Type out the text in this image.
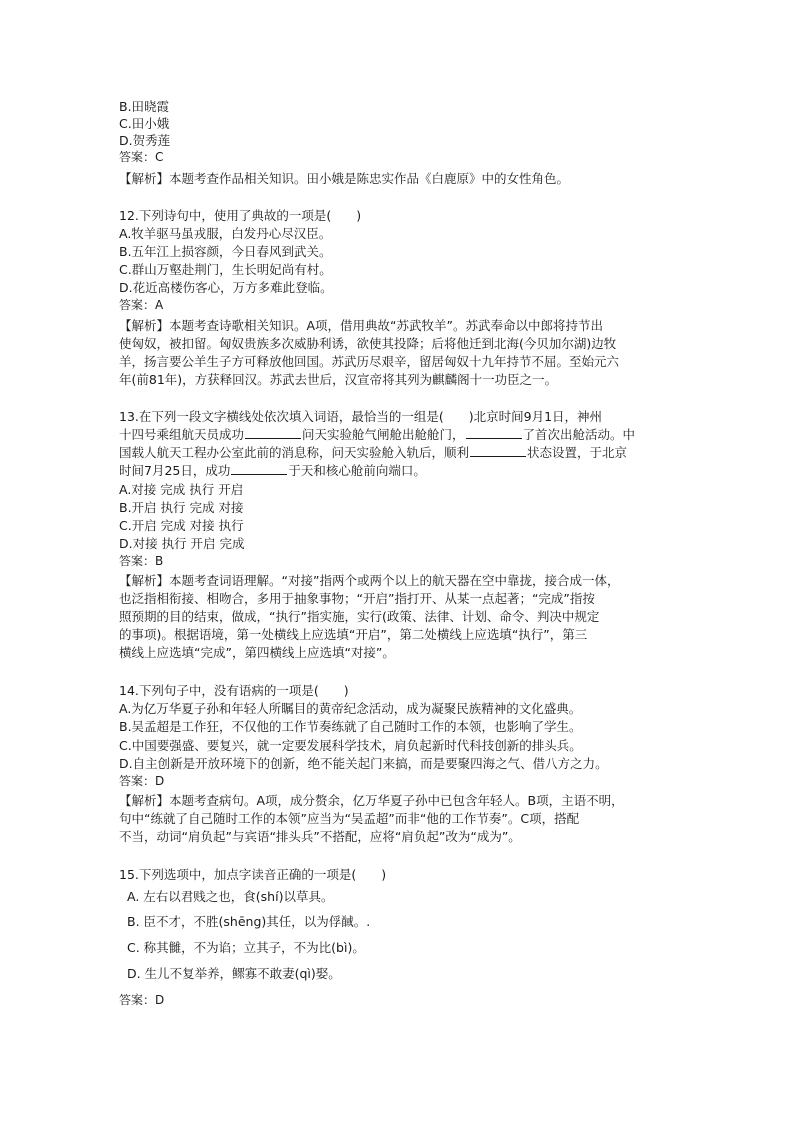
B.田晓霞
C.田小娥
D.贺秀莲
答案：C
【解析】本题考查作品相关知识。田小娥是陈忠实作品《白鹿原》中的女性角色。
12.下列诗句中，使用了典故的一项是(　　)
A.牧羊驱马虽戎服，白发丹心尽汉臣。
B.五年江上损容颜，今日春风到武关。
C.群山万壑赴荆门，生长明妃尚有村。
D.花近高楼伤客心，万方多难此登临。
答案：A
【解析】本题考查诗歌相关知识。A项，借用典故“苏武牧羊”。苏武奉命以中郎将持节出
使匈奴，被扣留。匈奴贵族多次威胁利诱，欲使其投降；后将他迁到北海(今贝加尔湖)边牧
羊，扬言要公羊生子方可释放他回国。苏武历尽艰辛，留居匈奴十九年持节不屈。至始元六
年(前81年)，方获释回汉。苏武去世后，汉宣帝将其列为麒麟阁十一功臣之一。
13.在下列一段文字横线处依次填入词语，最恰当的一组是(　　)北京时间9月1日，神州
十四号乘组航天员成功	问天实验舱气闸舱出舱舱门，	了首次出舱活动。中
国载人航天工程办公室此前的消息称，问天实验舱入轨后，顺利	状态设置，于北京
时间7月25日，成功	于天和核心舱前向端口。
A.对接 完成 执行 开启
B.开启 执行 完成 对接
C.开启 完成 对接 执行
D.对接 执行 开启 完成
答案：B
【解析】本题考查词语理解。“对接”指两个或两个以上的航天器在空中靠拢，接合成一体，
也泛指相衔接、相吻合，多用于抽象事物；“开启”指打开、从某一点起著；“完成”指按
照预期的目的结束，做成，“执行”指实施，实行(政策、法律、计划、命令、判决中规定
的事项)。根据语境，第一处横线上应选填“开启”，第二处横线上应选填“执行”，第三
横线上应选填“完成”，第四横线上应选填“对接”。
14.下列句子中，没有语病的一项是(　　)
A.为亿万华夏子孙和年轻人所瞩目的黄帝纪念活动，成为凝聚民族精神的文化盛典。
B.吴孟超是工作狂，不仅他的工作节奏练就了自己随时工作的本领，也影响了学生。
C.中国要强盛、要复兴，就一定要发展科学技术，肩负起新时代科技创新的排头兵。
D.自主创新是开放环境下的创新，绝不能关起门来搞，而是要聚四海之气、借八方之力。
答案：D
【解析】本题考查病句。A项，成分赘余，亿万华夏子孙中已包含年轻人。B项，主语不明，
句中“练就了自己随时工作的本领”应当为“吴孟超”而非“他的工作节奏”。C项，搭配
不当，动词“肩负起”与宾语“排头兵”不搭配，应将“肩负起”改为“成为”。
15.下列选项中，加点字读音正确的一项是(　　)
A. 左右以君贱之也，食(shí)以草具。
B. 臣不才，不胜(shēng)其任，以为俘馘。.
C. 称其雠，不为谄；立其子，不为比(bì)。
D. 生儿不复举养，鳏寡不敢妻(qì)娶。
答案：D
